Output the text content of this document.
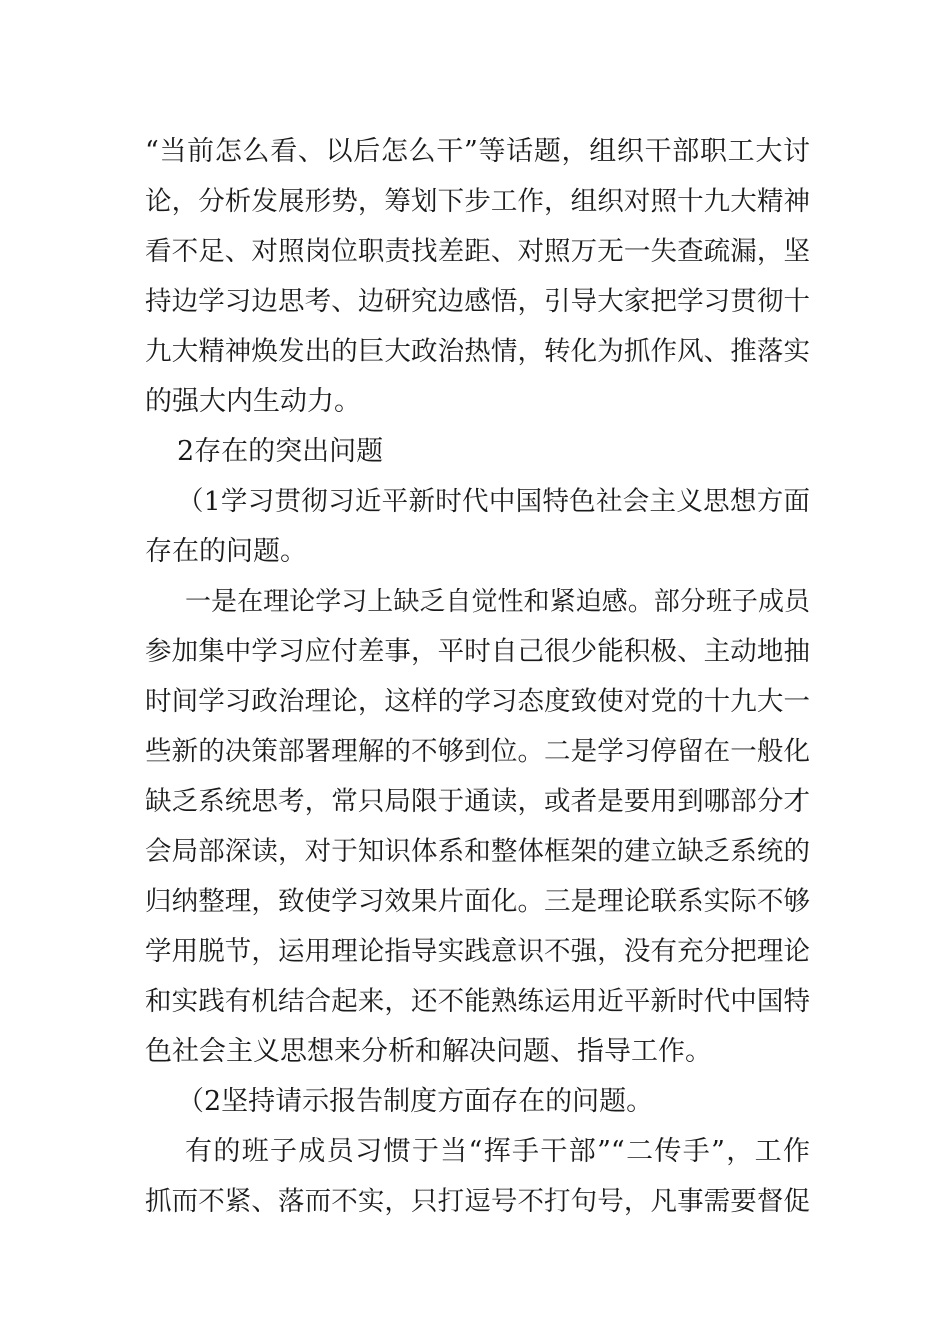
“当前怎么看、以后怎么干”等话题，组织干部职工大讨
论，分析发展形势，筹划下步工作，组织对照十九大精神
看不足、对照岗位职责找差距、对照万无一失查疏漏，坚
持边学习边思考、边研究边感悟，引导大家把学习贯彻十
九大精神焕发出的巨大政治热情，转化为抓作风、推落实
的强大内生动力。
2存在的突出问题
（1学习贯彻习近平新时代中国特色社会主义思想方面
存在的问题。
一是在理论学习上缺乏自觉性和紧迫感。部分班子成员
参加集中学习应付差事，平时自己很少能积极、主动地抽
时间学习政治理论，这样的学习态度致使对党的十九大一
些新的决策部署理解的不够到位。二是学习停留在一般化
缺乏系统思考，常只局限于通读，或者是要用到哪部分才
会局部深读，对于知识体系和整体框架的建立缺乏系统的
归纳整理，致使学习效果片面化。三是理论联系实际不够
学用脱节，运用理论指导实践意识不强，没有充分把理论
和实践有机结合起来，还不能熟练运用近平新时代中国特
色社会主义思想来分析和解决问题、指导工作。
（2坚持请示报告制度方面存在的问题。
有的班子成员习惯于当“挥手干部”“二传手”，工作
抓而不紧、落而不实，只打逗号不打句号，凡事需要督促
